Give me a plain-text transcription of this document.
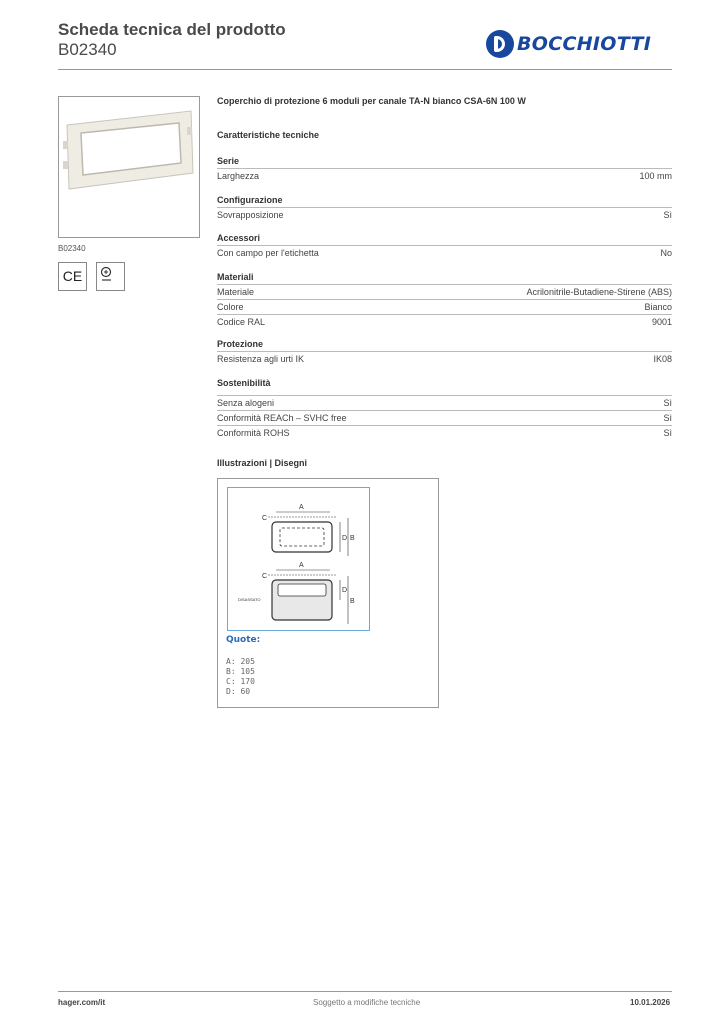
Scheda tecnica del prodotto
B02340	BOCCHIOTTI
B02340
CE
Coperchio di protezione 6 moduli per canale TA-N bianco CSA-6N 100 W
Caratteristiche tecniche
Serie
Larghezza	100 mm
Configurazione
Sovrapposizione	Sì
Accessori
Con campo per l'etichetta	No
Materiali
Materiale	Acrilonitrile-Butadiene-Stirene (ABS)
Colore	Bianco
Codice RAL	9001
Protezione
Resistenza agli urti IK	IK08
Sostenibilità
Senza alogeni	Sì
Conformità REACh – SVHC free	Sì
Conformità ROHS	Sì
Illustrazioni | Disegni
A
C
D B
A
C
DISASSATO
D
B
Quote:
A: 205
B: 105
C: 170
D: 60
hager.com/it	Soggetto a modifiche tecniche	10.01.2026
